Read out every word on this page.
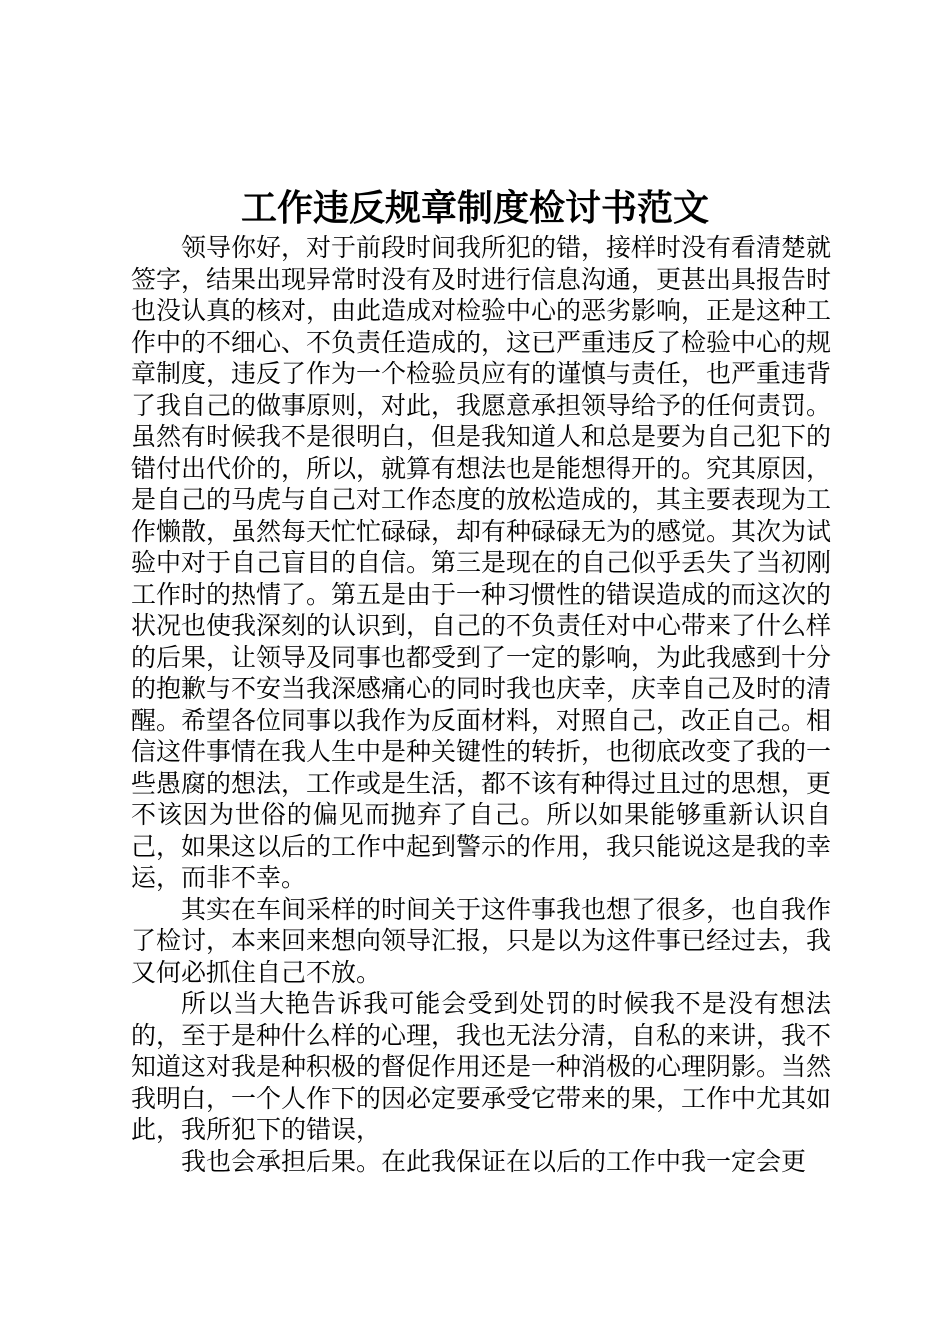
工作违反规章制度检讨书范文

领导你好，对于前段时间我所犯的错，接样时没有看清楚就签字，结果出现异常时没有及时进行信息沟通，更甚出具报告时也没认真的核对，由此造成对检验中心的恶劣影响，正是这种工作中的不细心、不负责任造成的，这已严重违反了检验中心的规章制度，违反了作为一个检验员应有的谨慎与责任，也严重违背了我自己的做事原则，对此，我愿意承担领导给予的任何责罚。虽然有时候我不是很明白，但是我知道人和总是要为自己犯下的错付出代价的，所以，就算有想法也是能想得开的。究其原因，是自己的马虎与自己对工作态度的放松造成的，其主要表现为工作懒散，虽然每天忙忙碌碌，却有种碌碌无为的感觉。其次为试验中对于自己盲目的自信。第三是现在的自己似乎丢失了当初刚工作时的热情了。第五是由于一种习惯性的错误造成的而这次的状况也使我深刻的认识到，自己的不负责任对中心带来了什么样的后果，让领导及同事也都受到了一定的影响，为此我感到十分的抱歉与不安当我深感痛心的同时我也庆幸，庆幸自己及时的清醒。希望各位同事以我作为反面材料，对照自己，改正自己。相信这件事情在我人生中是种关键性的转折，也彻底改变了我的一些愚腐的想法，工作或是生活，都不该有种得过且过的思想，更不该因为世俗的偏见而抛弃了自己。所以如果能够重新认识自己，如果这以后的工作中起到警示的作用，我只能说这是我的幸运，而非不幸。

其实在车间采样的时间关于这件事我也想了很多，也自我作了检讨，本来回来想向领导汇报，只是以为这件事已经过去，我又何必抓住自己不放。

所以当大艳告诉我可能会受到处罚的时候我不是没有想法的，至于是种什么样的心理，我也无法分清，自私的来讲，我不知道这对我是种积极的督促作用还是一种消极的心理阴影。当然我明白，一个人作下的因必定要承受它带来的果，工作中尤其如此，我所犯下的错误，

我也会承担后果。在此我保证在以后的工作中我一定会更
